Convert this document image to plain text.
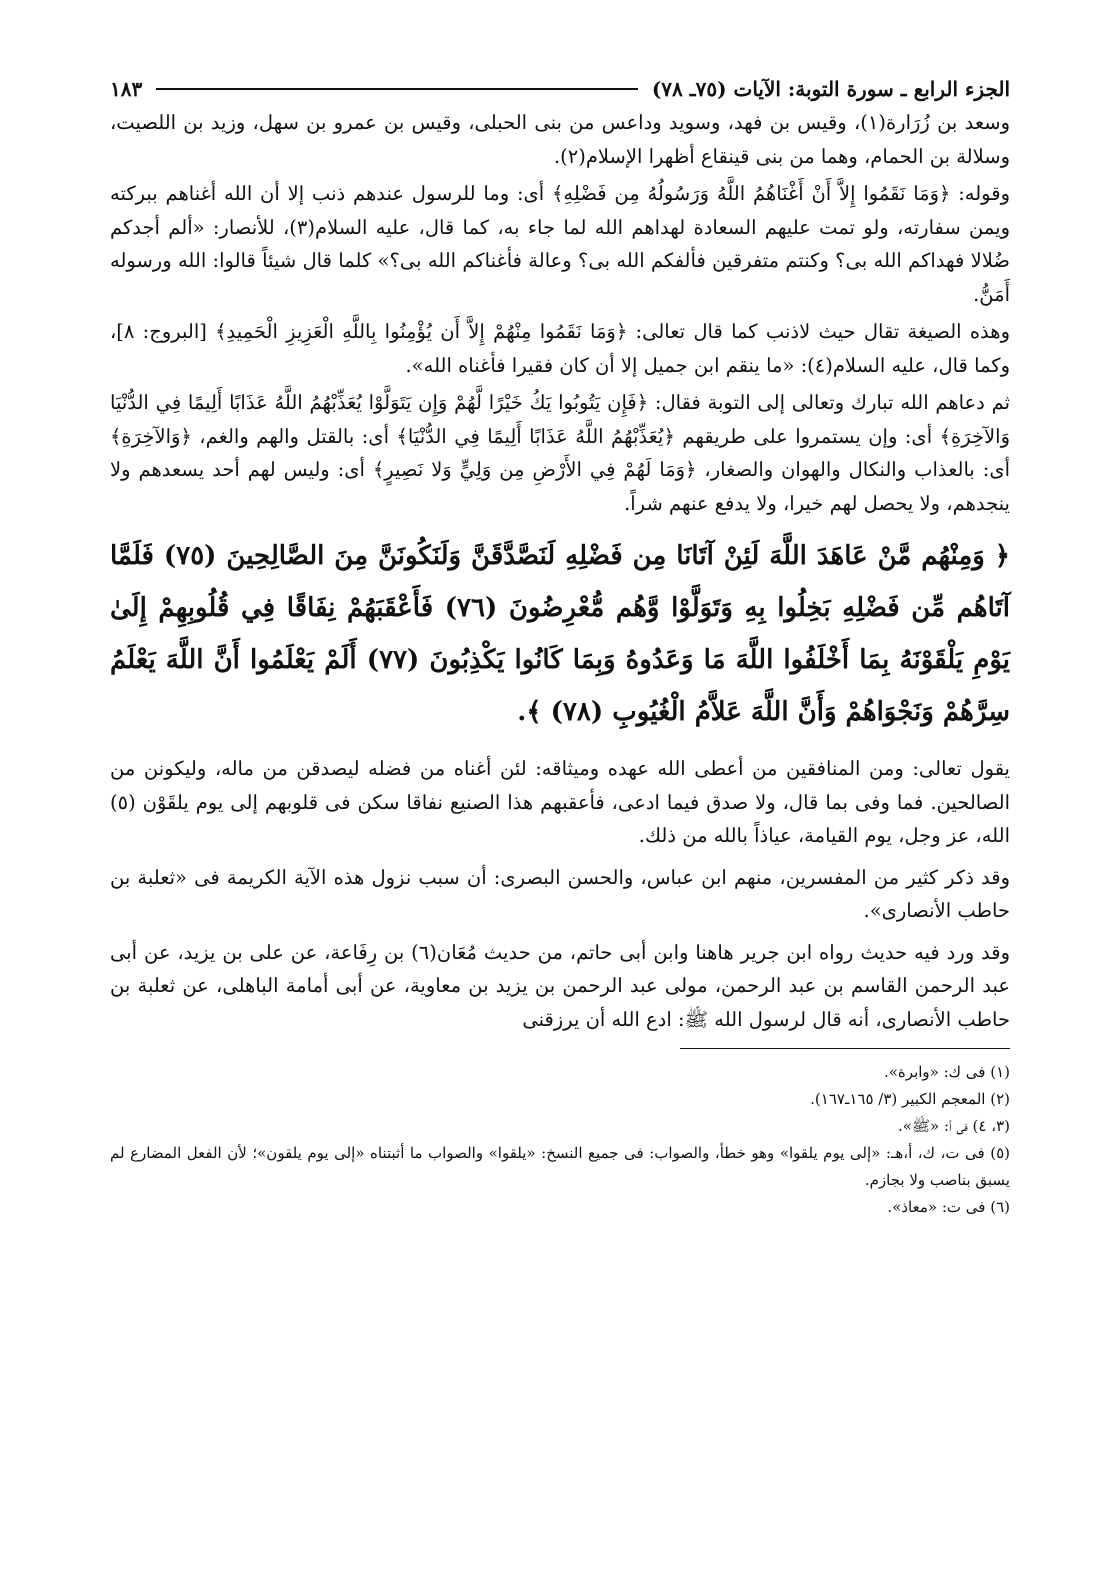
الجزء الرابع ـ سورة التوبة: الآيات (٧٥ـ ٧٨)
١٨٣

وسعد بن زُرَارة(١)، وقيس بن فهد، وسويد وداعس من بنى الحبلى، وقيس بن عمرو بن سهل، وزيد بن اللصيت، وسلالة بن الحمام، وهما من بنى قينقاع أظهرا الإسلام(٢).

وقوله: ﴿وَمَا نَقَمُوا إِلاَّ أَنْ أَغْنَاهُمُ اللَّهُ وَرَسُولُهُ مِن فَضْلِهِ﴾ أى: وما للرسول عندهم ذنب إلا أن الله أغناهم ببركته ويمن سفارته، ولو تمت عليهم السعادة لهداهم الله لما جاء به، كما قال، عليه السلام(٣)، للأنصار: «ألم أجدكم ضُلالا فهداكم الله بى؟ وكنتم متفرقين فألفكم الله بى؟ وعالة فأغناكم الله بى؟» كلما قال شيئاً قالوا: الله ورسوله أَمَنُّ.

وهذه الصيغة تقال حيث لاذنب كما قال تعالى: ﴿وَمَا نَقَمُوا مِنْهُمْ إِلاَّ أَن يُؤْمِنُوا بِاللَّهِ الْعَزِيزِ الْحَمِيدِ﴾ [البروج: ٨]، وكما قال، عليه السلام(٤): «ما ينقم ابن جميل إلا أن كان فقيرا فأغناه الله».

ثم دعاهم الله تبارك وتعالى إلى التوبة فقال: ﴿فَإِن يَتُوبُوا يَكُ خَيْرًا لَّهُمْ وَإِن يَتَوَلَّوْا يُعَذِّبْهُمُ اللَّهُ عَذَابًا أَلِيمًا فِي الدُّنْيَا وَالآخِرَةِ﴾ أى: وإن يستمروا على طريقهم ﴿يُعَذِّبْهُمُ اللَّهُ عَذَابًا أَلِيمًا فِي الدُّنْيَا﴾ أى: بالقتل والهم والغم، ﴿وَالآخِرَةِ﴾ أى: بالعذاب والنكال والهوان والصغار، ﴿وَمَا لَهُمْ فِي الأَرْضِ مِن وَلِيٍّ وَلا نَصِيرٍ﴾ أى: وليس لهم أحد يسعدهم ولا ينجدهم، ولا يحصل لهم خيرا، ولا يدفع عنهم شراً.

﴿ وَمِنْهُم مَّنْ عَاهَدَ اللَّهَ لَئِنْ آتَانَا مِن فَضْلِهِ لَنَصَّدَّقَنَّ وَلَنَكُونَنَّ مِنَ الصَّالِحِينَ (٧٥) فَلَمَّا آتَاهُم مِّن فَضْلِهِ بَخِلُوا بِهِ وَتَوَلَّوْا وَّهُم مُّعْرِضُونَ (٧٦) فَأَعْقَبَهُمْ نِفَاقًا فِي قُلُوبِهِمْ إِلَىٰ يَوْمِ يَلْقَوْنَهُ بِمَا أَخْلَفُوا اللَّهَ مَا وَعَدُوهُ وَبِمَا كَانُوا يَكْذِبُونَ (٧٧) أَلَمْ يَعْلَمُوا أَنَّ اللَّهَ يَعْلَمُ سِرَّهُمْ وَنَجْوَاهُمْ وَأَنَّ اللَّهَ عَلاَّمُ الْغُيُوبِ (٧٨) ﴾.

يقول تعالى: ومن المنافقين من أعطى الله عهده وميثاقه: لئن أغناه من فضله ليصدقن من ماله، وليكونن من الصالحين. فما وفى بما قال، ولا صدق فيما ادعى، فأعقبهم هذا الصنيع نفاقا سكن فى قلوبهم إلى يوم يلقَوْن (٥) الله، عز وجل، يوم القيامة، عياذاً بالله من ذلك.

وقد ذكر كثير من المفسرين، منهم ابن عباس، والحسن البصرى: أن سبب نزول هذه الآية الكريمة فى «ثعلبة بن حاطب الأنصارى».

وقد ورد فيه حديث رواه ابن جرير هاهنا وابن أبى حاتم، من حديث مُعَان(٦) بن رِفَاعة، عن على بن يزيد، عن أبى عبد الرحمن القاسم بن عبد الرحمن، مولى عبد الرحمن بن يزيد بن معاوية، عن أبى أمامة الباهلى، عن ثعلبة بن حاطب الأنصارى، أنه قال لرسول الله ﷺ: ادع الله أن يرزقنى

(١) فى ك: «وابرة».
(٢) المعجم الكبير (٣/ ١٦٥ـ١٦٧).
(٣، ٤) فى أ: «ﷺ».
(٥) فى ت، ك، أ،هـ: «إلى يوم يلقوا» وهو خطأ، والصواب: فى جميع النسخ: «يلقوا» والصواب ما أثبتناه «إلى يوم يلقون»؛ لأن الفعل المضارع لم يسبق بناصب ولا بجازم.
(٦) فى ت: «معاذ».
